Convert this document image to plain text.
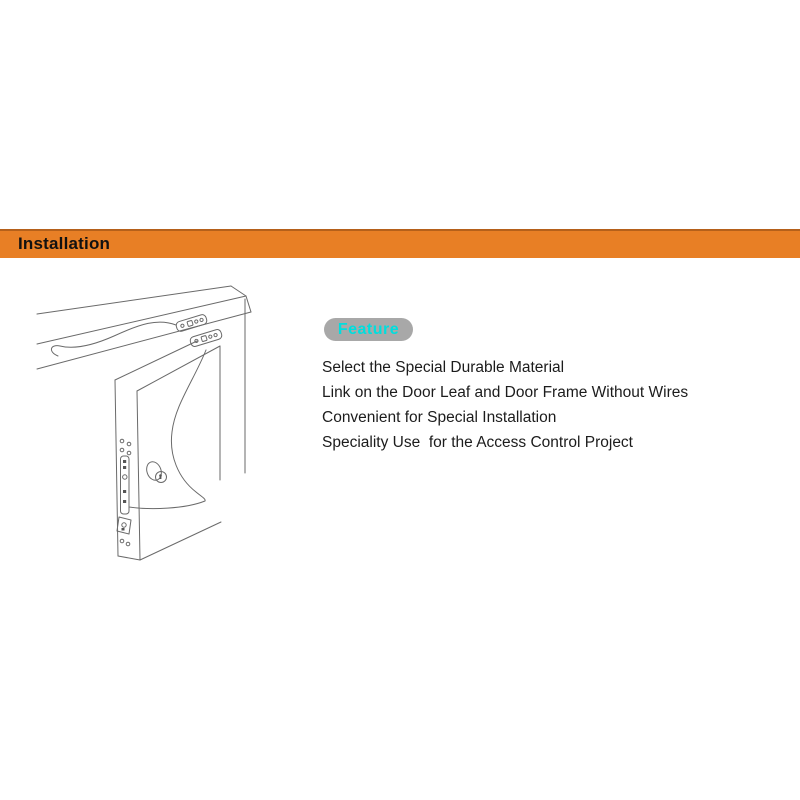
Installation
Feature
Select the Special Durable Material
Link on the Door Leaf and Door Frame Without Wires
Convenient for Special Installation
Speciality Use  for the Access Control Project
